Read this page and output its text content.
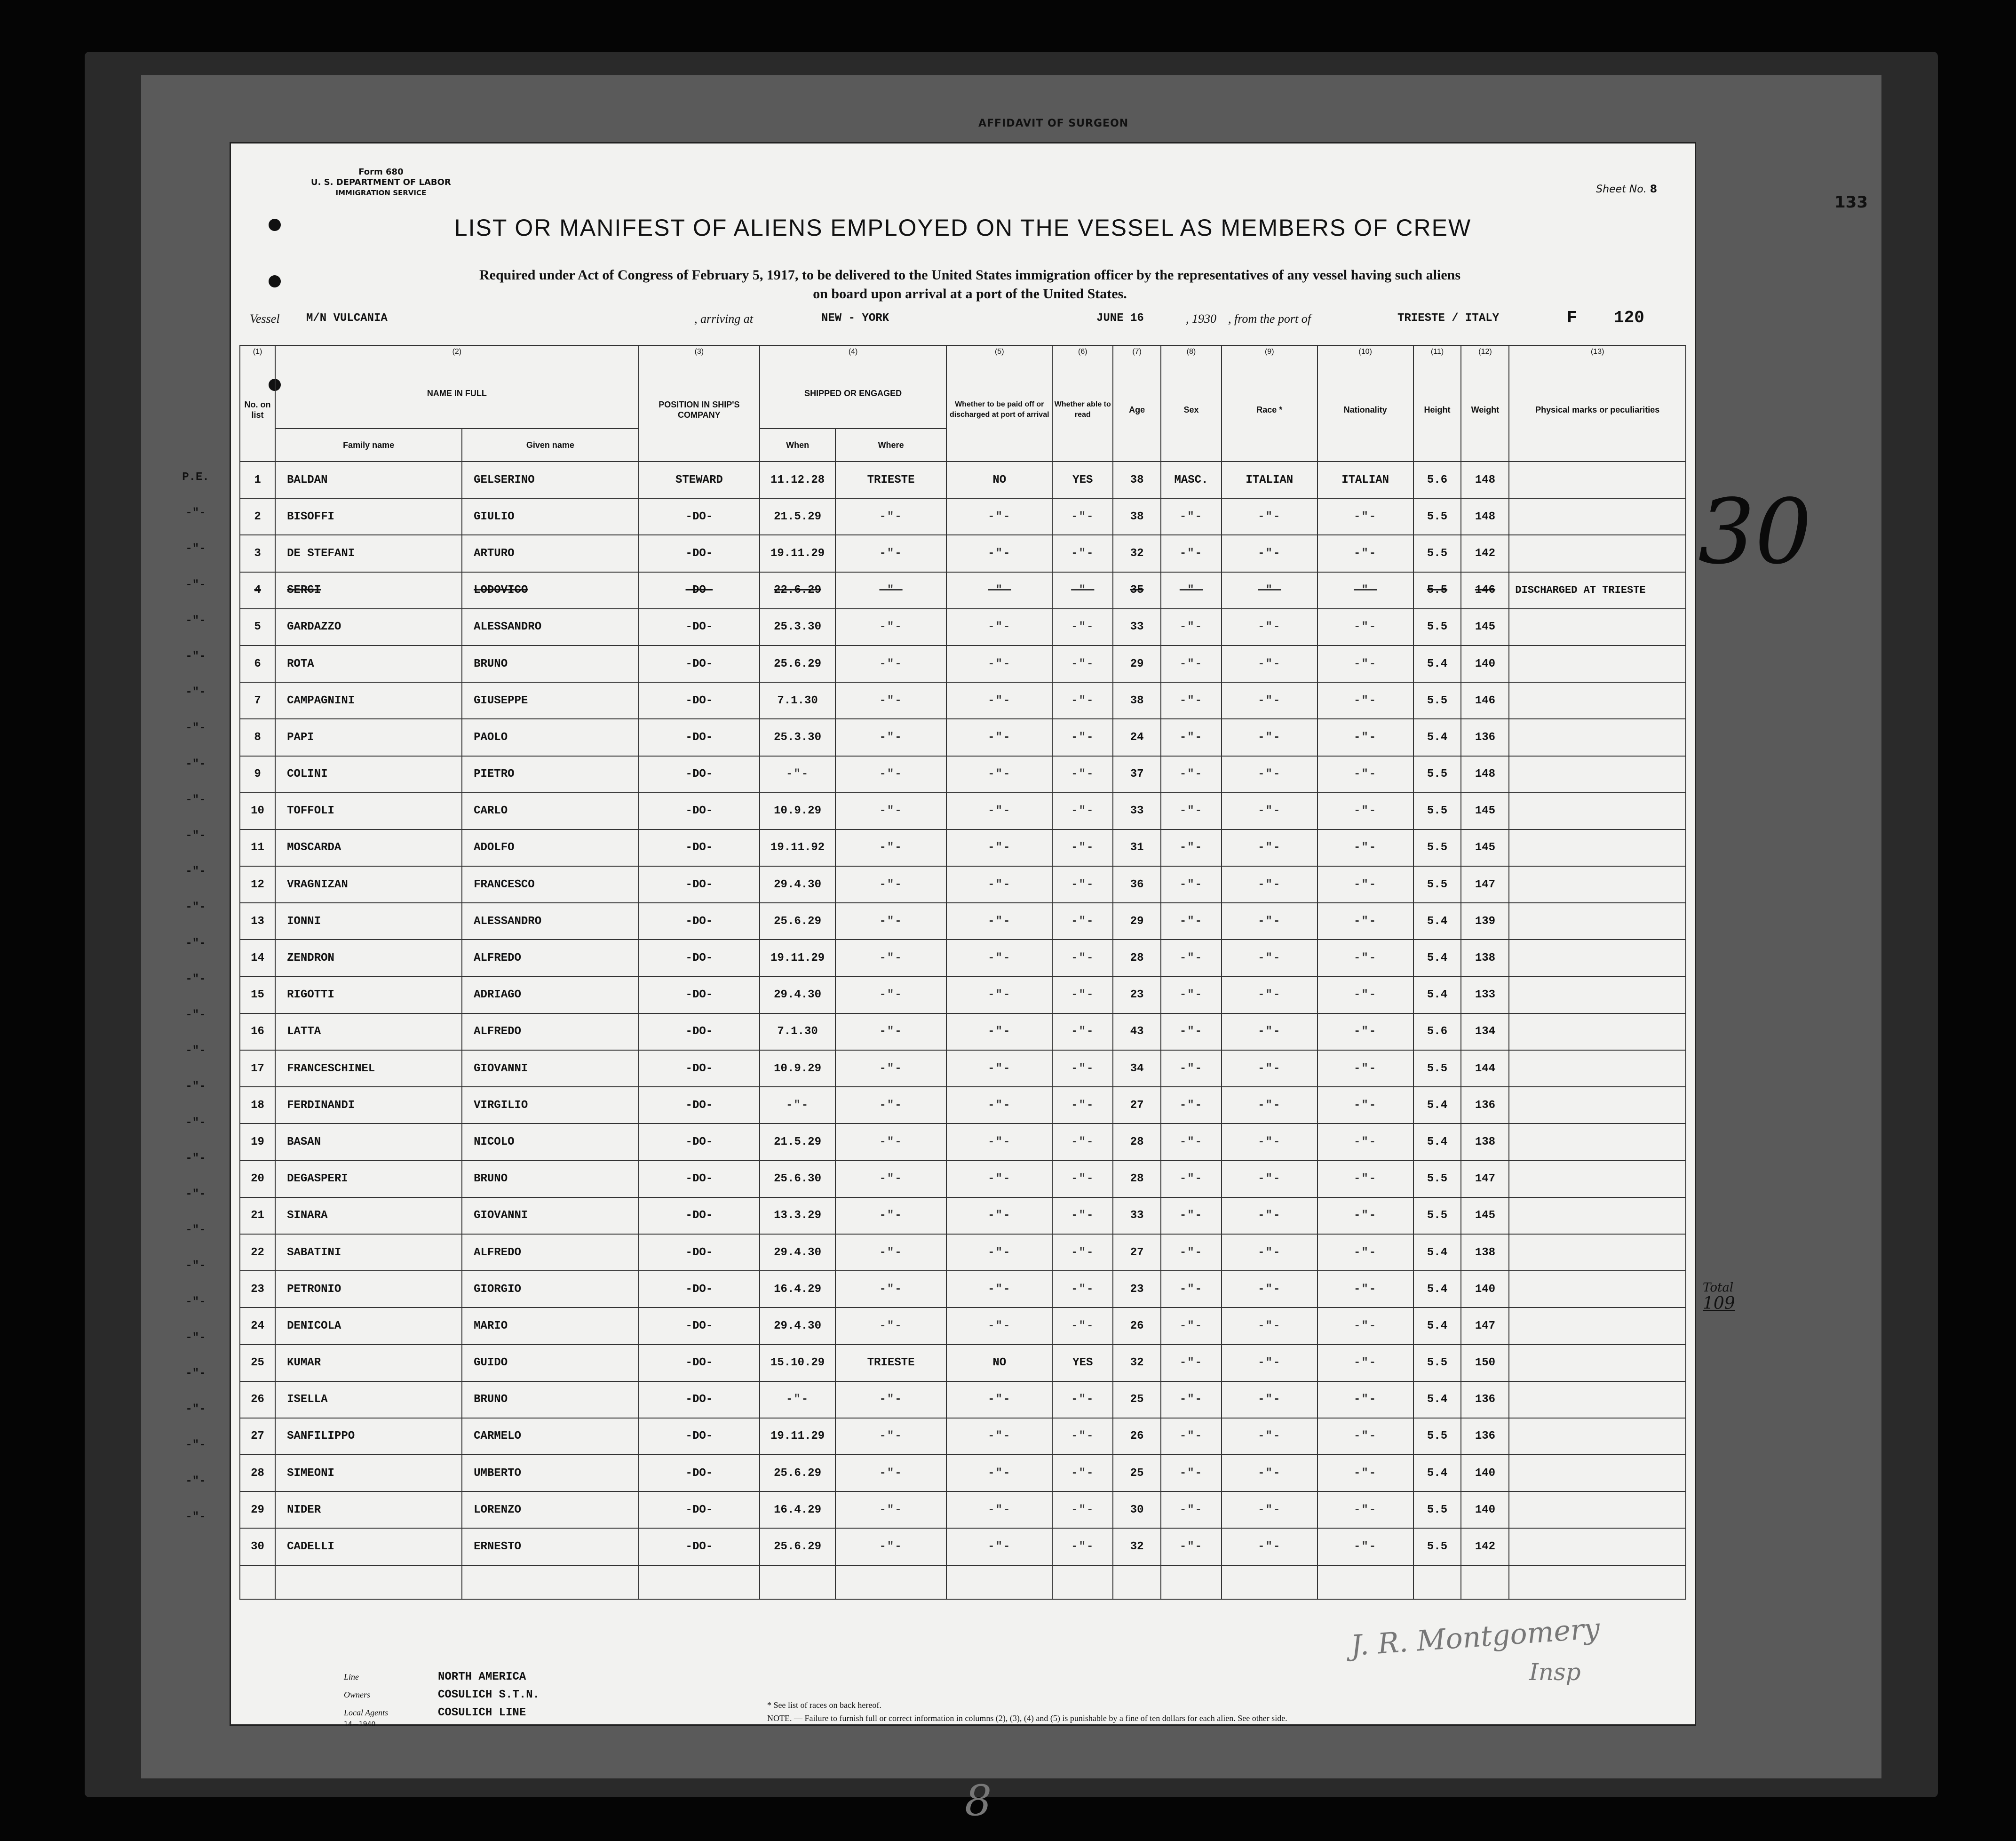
AFFIDAVIT OF SURGEON
133
30
Total
109
Form 680
U. S. DEPARTMENT OF LABOR
IMMIGRATION SERVICE	Sheet No. 8
LIST OR MANIFEST OF ALIENS EMPLOYED ON THE VESSEL AS MEMBERS OF CREW
Required under Act of Congress of February 5, 1917, to be delivered to the United States immigration officer by the representatives of any vessel having such aliens
on board upon arrival at a port of the United States.
Vessel M/N VULCANIA	, arriving at	NEW - YORK	JUNE 16	, 1930 , from the port of	TRIESTE / ITALY	F 120
(1)	(2)		(3)	(4)		(5)	(6)	(7)	(8)	(9)	(10)	(11)	(12)	(13)
No. on list	NAME IN FULL		POSITION IN SHIP'S COMPANY	SHIPPED OR ENGAGED		Whether to be paid off or discharged at port of arrival	Whether able to read	Age	Sex	Race *	Nationality	Height	Weight	Physical marks or peculiarities
	Family name	Given name		When	Where									
1	BALDAN	GELSERINO	STEWARD	11.12.28	TRIESTE	NO	YES	38	MASC.	ITALIAN	ITALIAN	5.6	148	
2	BISOFFI	GIULIO	-DO-	21.5.29	-"-	-"-	-"-	38	-"-	-"-	-"-	5.5	148	
3	DE STEFANI	ARTURO	-DO-	19.11.29	-"-	-"-	-"-	32	-"-	-"-	-"-	5.5	142	
4	SERGI	LODOVICO	-DO-	22.6.29	-"-	-"-	-"-	35	-"-	-"-	-"-	5.5	146	DISCHARGED AT TRIESTE
5	GARDAZZO	ALESSANDRO	-DO-	25.3.30	-"-	-"-	-"-	33	-"-	-"-	-"-	5.5	145	
6	ROTA	BRUNO	-DO-	25.6.29	-"-	-"-	-"-	29	-"-	-"-	-"-	5.4	140	
7	CAMPAGNINI	GIUSEPPE	-DO-	7.1.30	-"-	-"-	-"-	38	-"-	-"-	-"-	5.5	146	
8	PAPI	PAOLO	-DO-	25.3.30	-"-	-"-	-"-	24	-"-	-"-	-"-	5.4	136	
9	COLINI	PIETRO	-DO-	-"-	-"-	-"-	-"-	37	-"-	-"-	-"-	5.5	148	
10	TOFFOLI	CARLO	-DO-	10.9.29	-"-	-"-	-"-	33	-"-	-"-	-"-	5.5	145	
11	MOSCARDA	ADOLFO	-DO-	19.11.92	-"-	-"-	-"-	31	-"-	-"-	-"-	5.5	145	
12	VRAGNIZAN	FRANCESCO	-DO-	29.4.30	-"-	-"-	-"-	36	-"-	-"-	-"-	5.5	147	
13	IONNI	ALESSANDRO	-DO-	25.6.29	-"-	-"-	-"-	29	-"-	-"-	-"-	5.4	139	
14	ZENDRON	ALFREDO	-DO-	19.11.29	-"-	-"-	-"-	28	-"-	-"-	-"-	5.4	138	
15	RIGOTTI	ADRIAGO	-DO-	29.4.30	-"-	-"-	-"-	23	-"-	-"-	-"-	5.4	133	
16	LATTA	ALFREDO	-DO-	7.1.30	-"-	-"-	-"-	43	-"-	-"-	-"-	5.6	134	
17	FRANCESCHINEL	GIOVANNI	-DO-	10.9.29	-"-	-"-	-"-	34	-"-	-"-	-"-	5.5	144	
18	FERDINANDI	VIRGILIO	-DO-	-"-	-"-	-"-	-"-	27	-"-	-"-	-"-	5.4	136	
19	BASAN	NICOLO	-DO-	21.5.29	-"-	-"-	-"-	28	-"-	-"-	-"-	5.4	138	
20	DEGASPERI	BRUNO	-DO-	25.6.30	-"-	-"-	-"-	28	-"-	-"-	-"-	5.5	147	
21	SINARA	GIOVANNI	-DO-	13.3.29	-"-	-"-	-"-	33	-"-	-"-	-"-	5.5	145	
22	SABATINI	ALFREDO	-DO-	29.4.30	-"-	-"-	-"-	27	-"-	-"-	-"-	5.4	138	
23	PETRONIO	GIORGIO	-DO-	16.4.29	-"-	-"-	-"-	23	-"-	-"-	-"-	5.4	140	
24	DENICOLA	MARIO	-DO-	29.4.30	-"-	-"-	-"-	26	-"-	-"-	-"-	5.4	147	
25	KUMAR	GUIDO	-DO-	15.10.29	TRIESTE	NO	YES	32	-"-	-"-	-"-	5.5	150	
26	ISELLA	BRUNO	-DO-	-"-	-"-	-"-	-"-	25	-"-	-"-	-"-	5.4	136	
27	SANFILIPPO	CARMELO	-DO-	19.11.29	-"-	-"-	-"-	26	-"-	-"-	-"-	5.5	136	
28	SIMEONI	UMBERTO	-DO-	25.6.29	-"-	-"-	-"-	25	-"-	-"-	-"-	5.4	140	
29	NIDER	LORENZO	-DO-	16.4.29	-"-	-"-	-"-	30	-"-	-"-	-"-	5.5	140	
30	CADELLI	ERNESTO	-DO-	25.6.29	-"-	-"-	-"-	32	-"-	-"-	-"-	5.5	142	

J. R. Montgomery
Insp
8
Line	NORTH AMERICA
Owners	COSULICH S.T.N.
Local Agents	COSULICH LINE
14—1940
* See list of races on back hereof.
NOTE. — Failure to furnish full or correct information in columns (2), (3), (4) and (5) is punishable by a fine of ten dollars for each alien. See other side.
P.E.
-"-
-"-
-"-
-"-
-"-
-"-
-"-
-"-
-"-
-"-
-"-
-"-
-"-
-"-
-"-
-"-
-"-
-"-
-"-
-"-
-"-
-"-
-"-
-"-
-"-
-"-
-"-
-"-
-"-
